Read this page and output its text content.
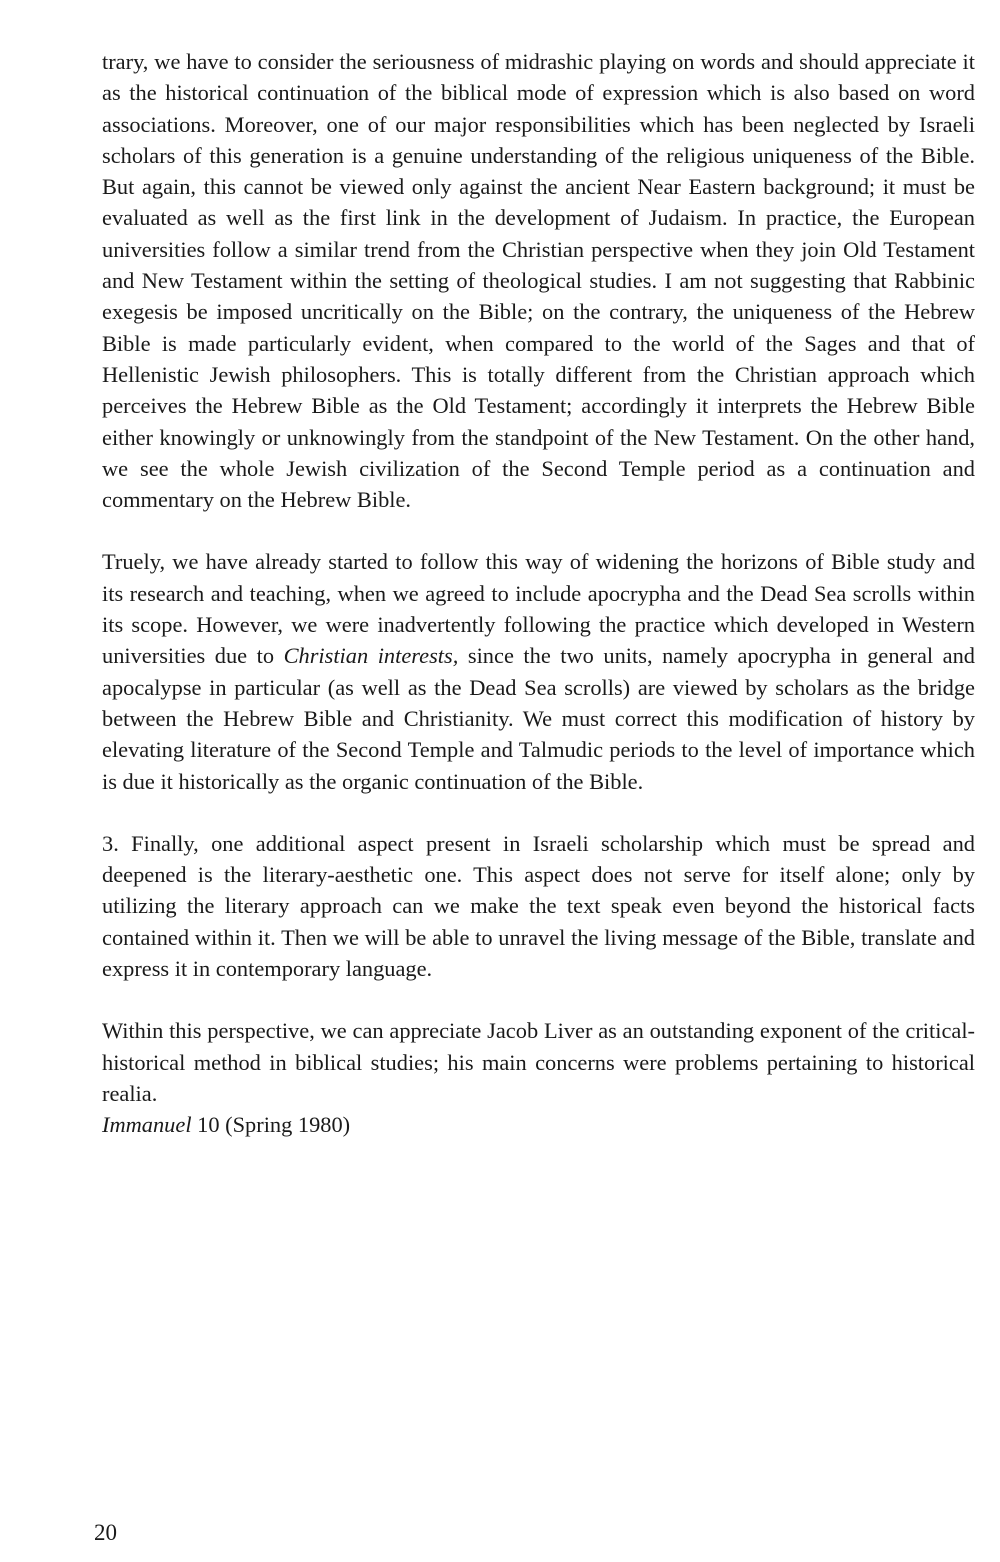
trary, we have to consider the seriousness of midrashic playing on words and should appreciate it as the historical continuation of the biblical mode of expression which is also based on word associations. Moreover, one of our major responsibilities which has been neglected by Israeli scholars of this generation is a genuine understanding of the religious uniqueness of the Bible. But again, this cannot be viewed only against the ancient Near Eastern background; it must be evaluated as well as the first link in the development of Judaism. In practice, the European universities follow a similar trend from the Christian perspective when they join Old Testament and New Testament within the setting of theological studies. I am not suggesting that Rabbinic exegesis be imposed uncritically on the Bible; on the contrary, the uniqueness of the Hebrew Bible is made particularly evident, when compared to the world of the Sages and that of Hellenistic Jewish philosophers. This is totally different from the Christian approach which perceives the Hebrew Bible as the Old Testament; accordingly it interprets the Hebrew Bible either knowingly or unknowingly from the standpoint of the New Testament. On the other hand, we see the whole Jewish civilization of the Second Temple period as a continuation and commentary on the Hebrew Bible.

Truely, we have already started to follow this way of widening the horizons of Bible study and its research and teaching, when we agreed to include apocrypha and the Dead Sea scrolls within its scope. However, we were inadvertently following the practice which developed in Western universities due to Christian interests, since the two units, namely apocrypha in general and apocalypse in particular (as well as the Dead Sea scrolls) are viewed by scholars as the bridge between the Hebrew Bible and Christianity. We must correct this modification of history by elevating literature of the Second Temple and Talmudic periods to the level of importance which is due it historically as the organic continuation of the Bible.

3. Finally, one additional aspect present in Israeli scholarship which must be spread and deepened is the literary-aesthetic one. This aspect does not serve for itself alone; only by utilizing the literary approach can we make the text speak even beyond the historical facts contained within it. Then we will be able to unravel the living message of the Bible, translate and express it in contemporary language.

Within this perspective, we can appreciate Jacob Liver as an outstanding exponent of the critical-historical method in biblical studies; his main concerns were problems pertaining to historical realia.

Immanuel 10 (Spring 1980)

20
